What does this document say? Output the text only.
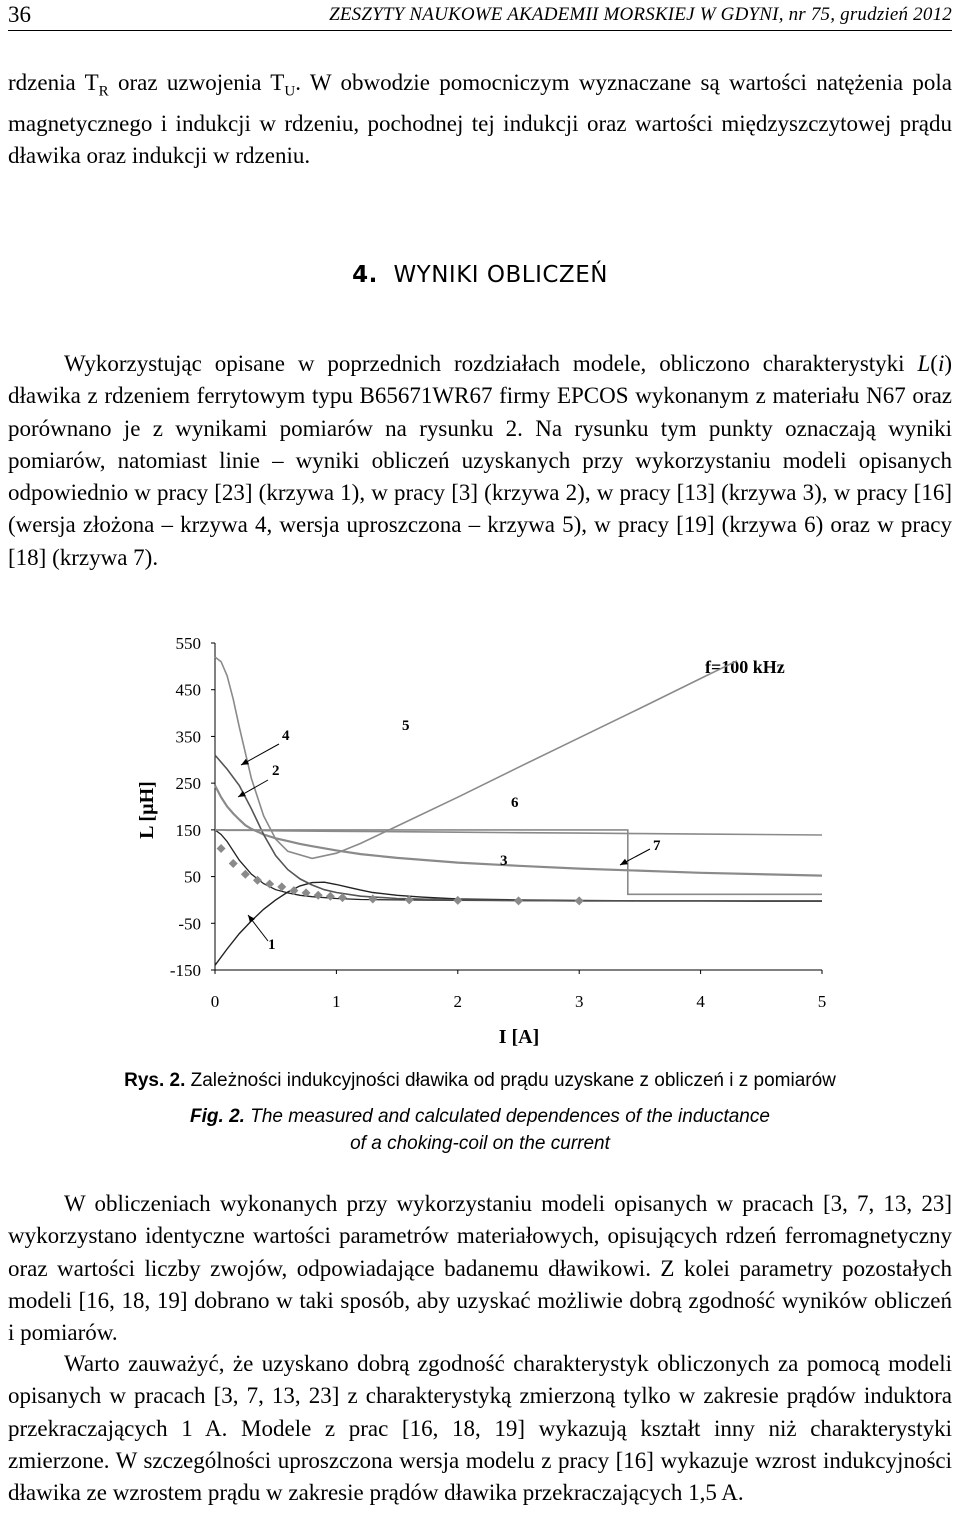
36	ZESZYTY NAUKOWE AKADEMII MORSKIEJ W GDYNI, nr 75, grudzień 2012

rdzenia $T_R$ oraz uzwojenia $T_U$. W obwodzie pomocniczym wyznaczane są wartości natężenia pola magnetycznego i indukcji w rdzeniu, pochodnej tej indukcji oraz wartości międzyszczytowej prądu dławika oraz indukcji w rdzeniu.

4. WYNIKI OBLICZEŃ

Wykorzystując opisane w poprzednich rozdziałach modele, obliczono charakterystyki L(i) dławika z rdzeniem ferrytowym typu B65671WR67 firmy EPCOS wykonanym z materiału N67 oraz porównano je z wynikami pomiarów na rysunku 2. Na rysunku tym punkty oznaczają wyniki pomiarów, natomiast linie – wyniki obliczeń uzyskanych przy wykorzystaniu modeli opisanych odpowiednio w pracy [23] (krzywa 1), w pracy [3] (krzywa 2), w pracy [13] (krzywa 3), w pracy [16] (wersja złożona – krzywa 4, wersja uproszczona – krzywa 5), w pracy [19] (krzywa 6) oraz w pracy [18] (krzywa 7).

550
450
350
250
150
50
-50
-150
0	1	2	3	4	5
I [A]
L [µH]
f=100 kHz
1
2
3
4
5
6
7
Rys. 2. Zależności indukcyjności dławika od prądu uzyskane z obliczeń i z pomiarów
Fig. 2. The measured and calculated dependences of the inductance
of a choking-coil on the current

W obliczeniach wykonanych przy wykorzystaniu modeli opisanych w pracach [3, 7, 13, 23] wykorzystano identyczne wartości parametrów materiałowych, opisujących rdzeń ferromagnetyczny oraz wartości liczby zwojów, odpowiadające badanemu dławikowi. Z kolei parametry pozostałych modeli [16, 18, 19] dobrano w taki sposób, aby uzyskać możliwie dobrą zgodność wyników obliczeń i pomiarów.

Warto zauważyć, że uzyskano dobrą zgodność charakterystyk obliczonych za pomocą modeli opisanych w pracach [3, 7, 13, 23] z charakterystyką zmierzoną tylko w zakresie prądów induktora przekraczających 1 A. Modele z prac [16, 18, 19] wykazują kształt inny niż charakterystyki zmierzone. W szczególności uproszczona wersja modelu z pracy [16] wykazuje wzrost indukcyjności dławika ze wzrostem prądu w zakresie prądów dławika przekraczających 1,5 A.
